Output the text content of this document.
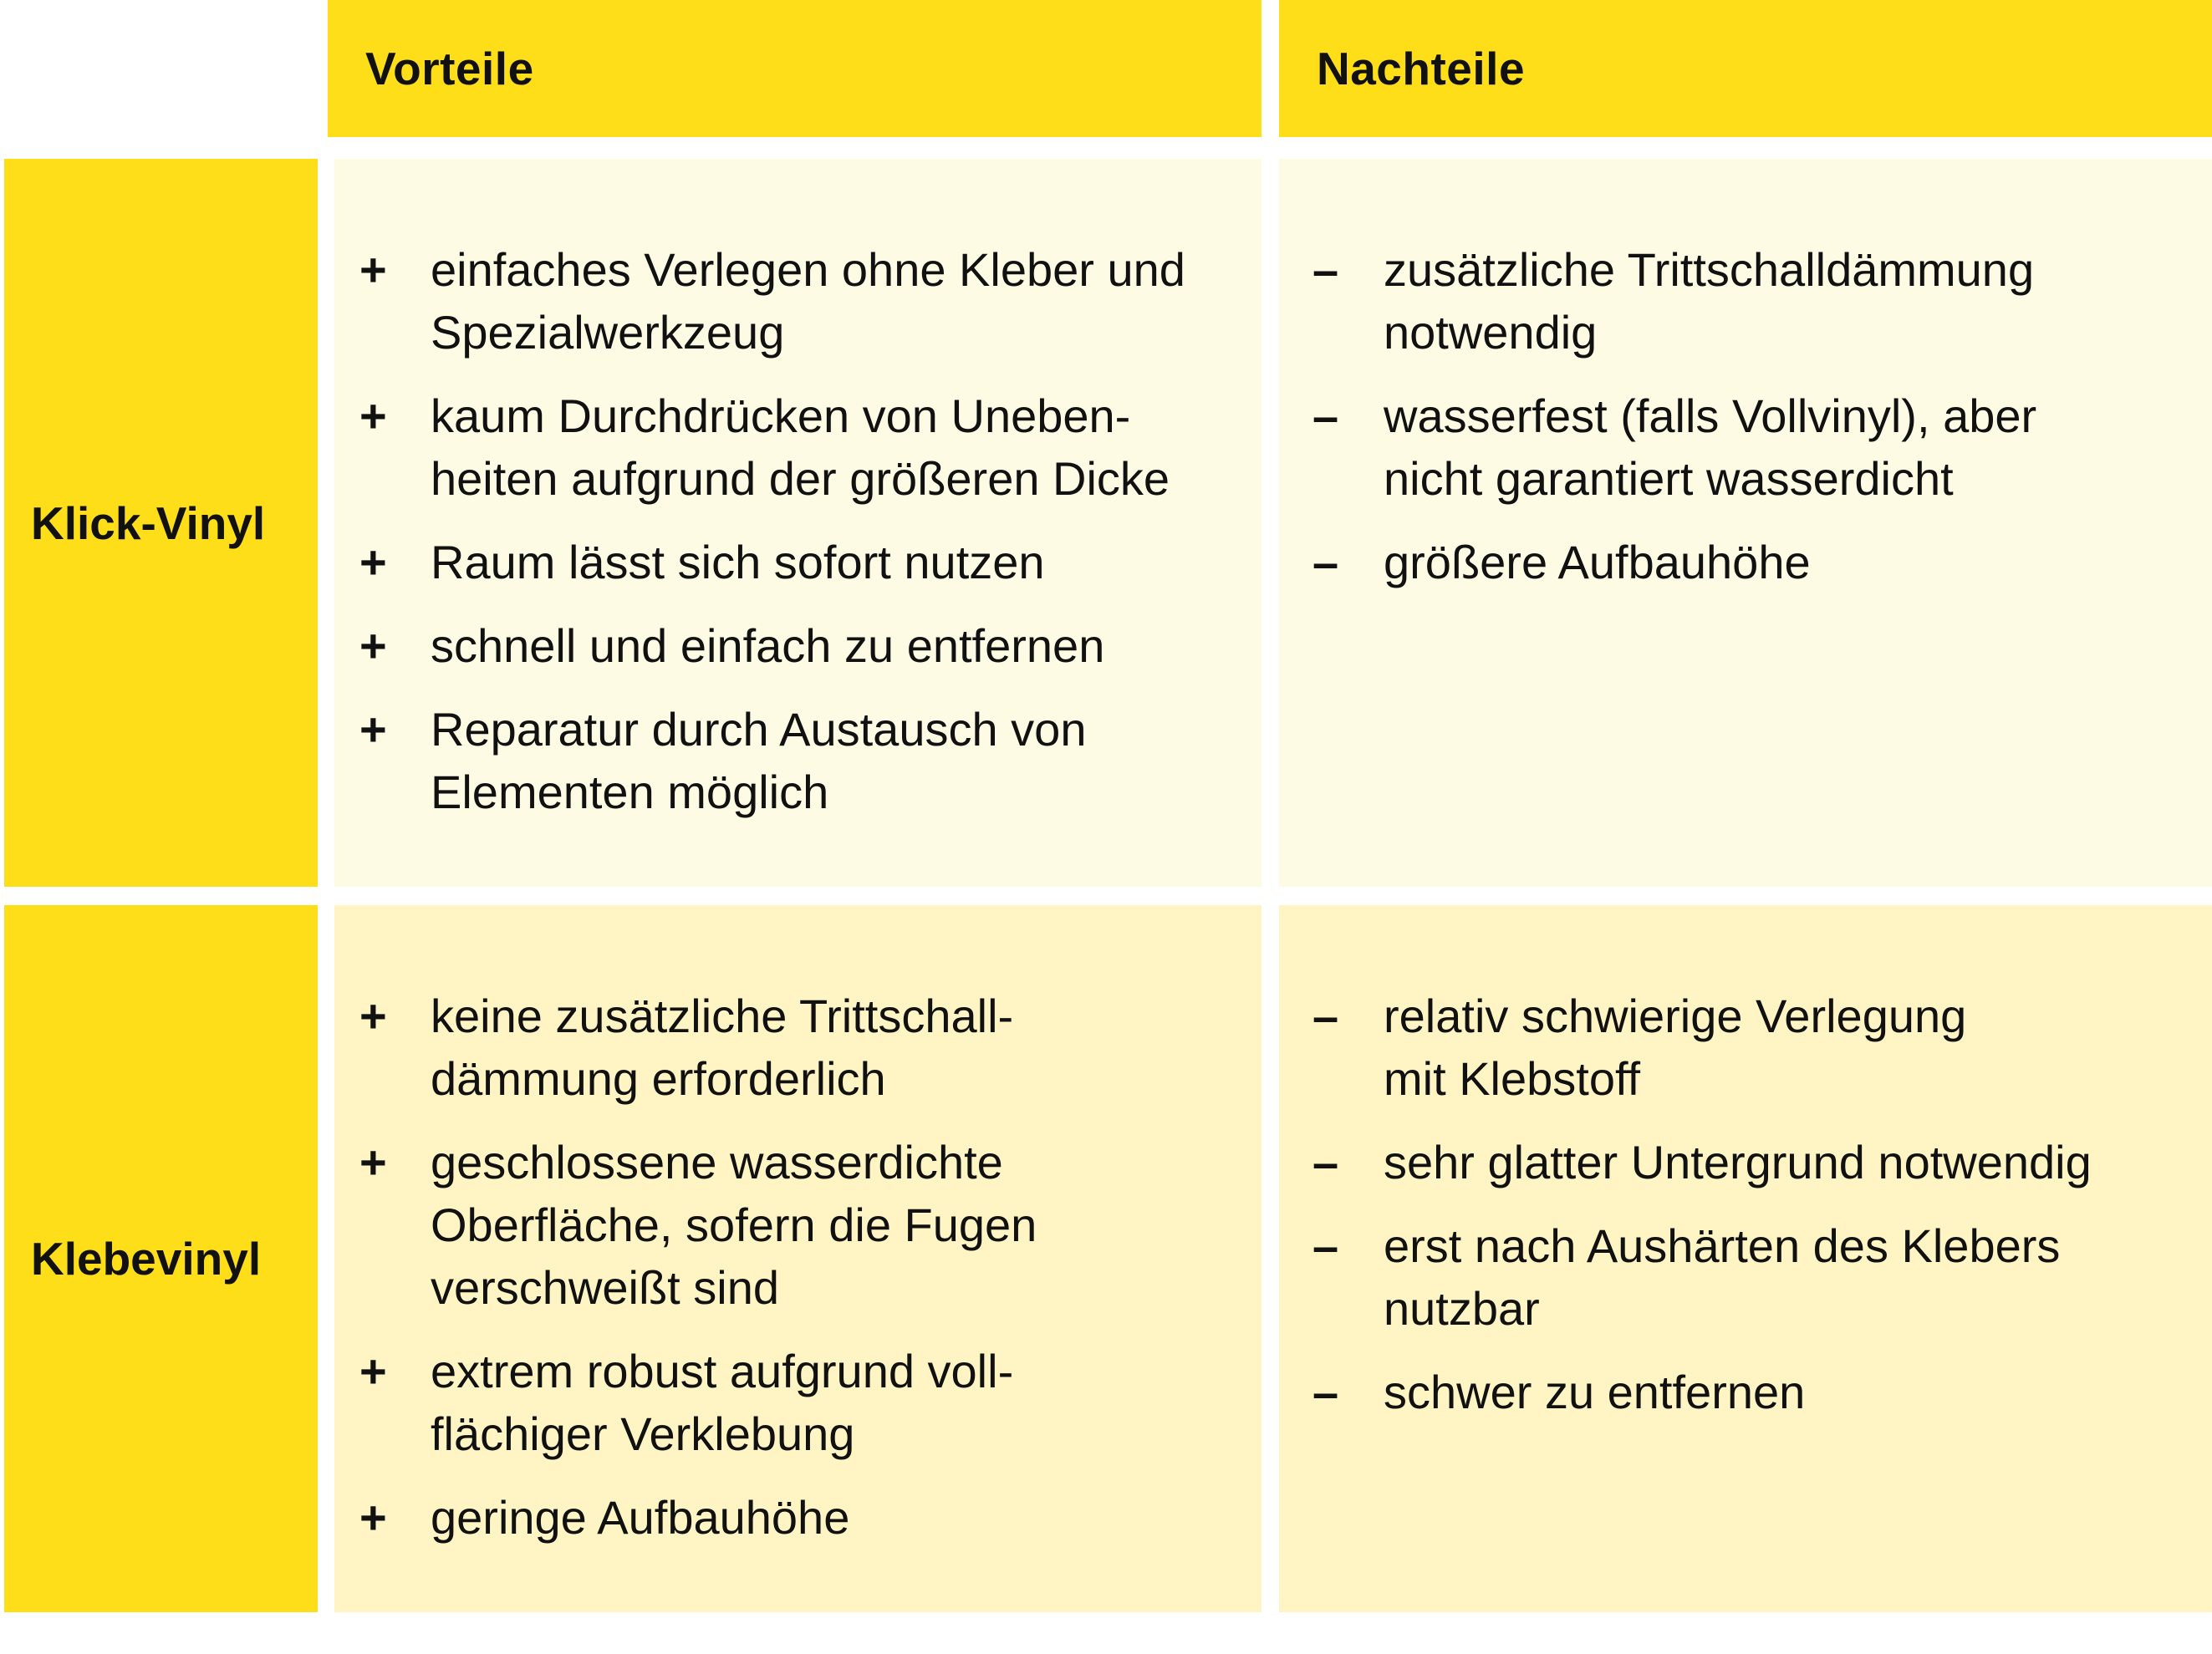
Vorteile	Nachteile
Klick-Vinyl
+ einfaches Verlegen ohne Kleber und
Spezialwerkzeug
+ kaum Durchdrücken von Uneben-
heiten aufgrund der größeren Dicke
+ Raum lässt sich sofort nutzen
+ schnell und einfach zu entfernen
+ Reparatur durch Austausch von
Elementen möglich
– zusätzliche Trittschalldämmung
notwendig
– wasserfest (falls Vollvinyl), aber
nicht garantiert wasserdicht
– größere Aufbauhöhe
Klebevinyl
+ keine zusätzliche Trittschall-
dämmung erforderlich
+ geschlossene wasserdichte
Oberfläche, sofern die Fugen
verschweißt sind
+ extrem robust aufgrund voll-
flächiger Verklebung
+ geringe Aufbauhöhe
– relativ schwierige Verlegung
mit Klebstoff
– sehr glatter Untergrund notwendig
– erst nach Aushärten des Klebers
nutzbar
– schwer zu entfernen
